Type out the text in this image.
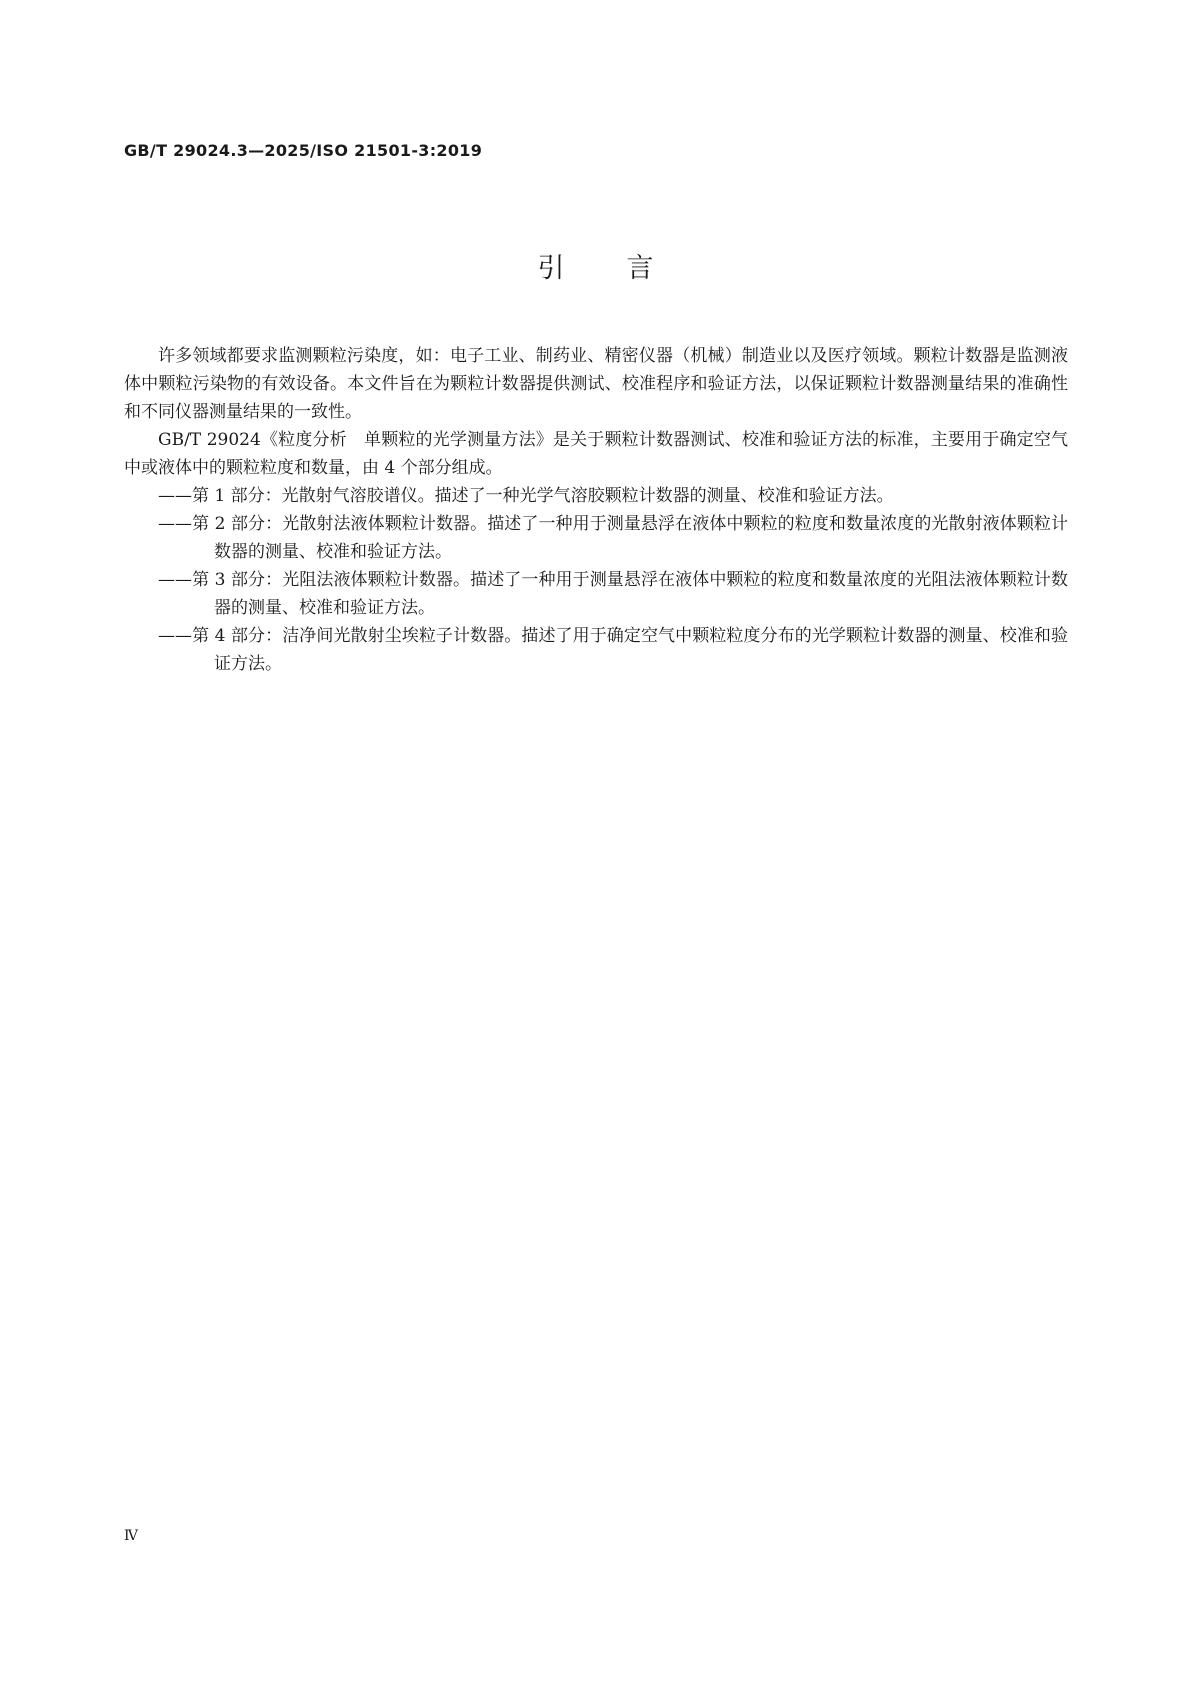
GB/T 29024.3—2025/ISO 21501-3:2019
引言

许多领域都要求监测颗粒污染度，如：电子工业、制药业、精密仪器（机械）制造业以及医疗领域。颗粒计数器是监测液体中颗粒污染物的有效设备。本文件旨在为颗粒计数器提供测试、校准程序和验证方法，以保证颗粒计数器测量结果的准确性和不同仪器测量结果的一致性。

GB/T 29024《粒度分析　单颗粒的光学测量方法》是关于颗粒计数器测试、校准和验证方法的标准，主要用于确定空气中或液体中的颗粒粒度和数量，由 4 个部分组成。

——第 1 部分：光散射气溶胶谱仪。描述了一种光学气溶胶颗粒计数器的测量、校准和验证方法。

——第 2 部分：光散射法液体颗粒计数器。描述了一种用于测量悬浮在液体中颗粒的粒度和数量浓度的光散射液体颗粒计数器的测量、校准和验证方法。

——第 3 部分：光阻法液体颗粒计数器。描述了一种用于测量悬浮在液体中颗粒的粒度和数量浓度的光阻法液体颗粒计数器的测量、校准和验证方法。

——第 4 部分：洁净间光散射尘埃粒子计数器。描述了用于确定空气中颗粒粒度分布的光学颗粒计数器的测量、校准和验证方法。

Ⅳ
